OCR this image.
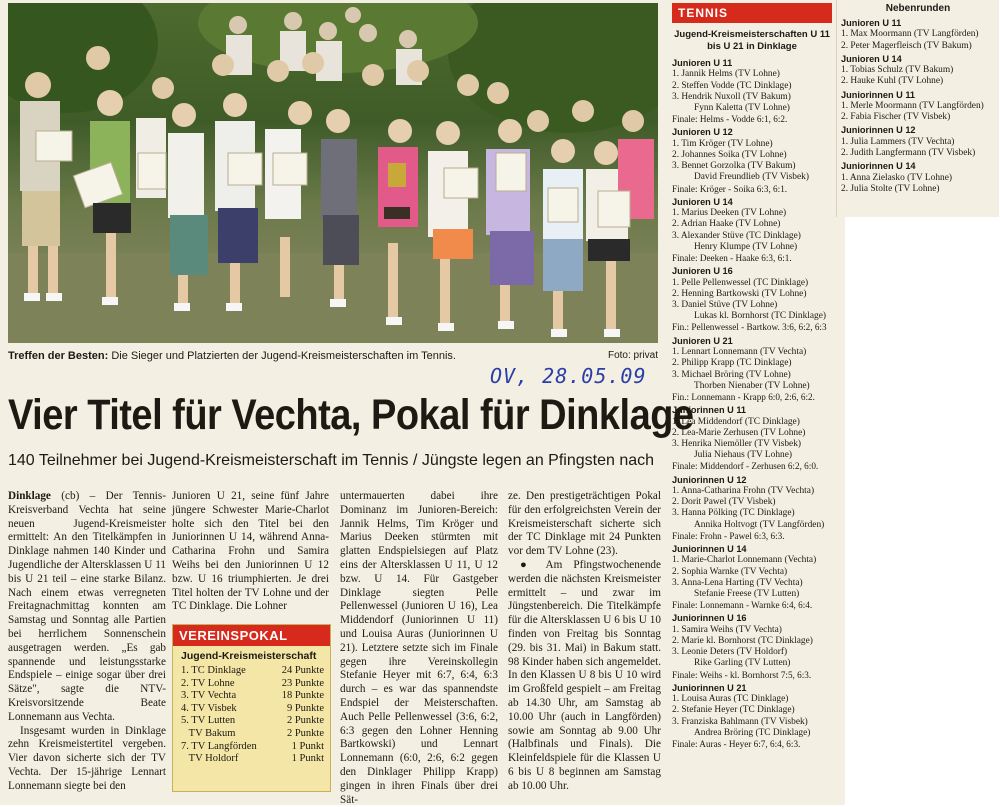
Treffen der Besten: Die Sieger und Platzierten der Jugend-Kreismeisterschaften im Tennis.	Foto: privat
OV, 28.05.09
Vier Titel für Vechta, Pokal für Dinklage
140 Teilnehmer bei Jugend-Kreismeisterschaft im Tennis / Jüngste legen an Pfingsten nach

Dinklage (cb) – Der Tennis-Kreisverband Vechta hat seine neuen Jugend-Kreismeister ermittelt: An den Titelkämpfen in Dinklage nahmen 140 Kinder und Jugendliche der Altersklassen U 11 bis U 21 teil – eine starke Bilanz. Nach einem etwas verregneten Freitagnachmittag konnten am Samstag und Sonntag alle Partien bei herrlichem Sonnenschein ausgetragen werden. „Es gab spannende und leistungsstarke Endspiele – einige sogar über drei Sätze", sagte die NTV-Kreisvorsitzende Beate Lonnemann aus Vechta.

Insgesamt wurden in Dinklage zehn Kreismeistertitel vergeben. Vier davon sicherte sich der TV Vechta. Der 15-jährige Lennart Lonnemann siegte bei den

Junioren U 21, seine fünf Jahre jüngere Schwester Marie-Charlot holte sich den Titel bei den Juniorinnen U 14, während Anna-Catharina Frohn und Samira Weihs bei den Juniorinnen U 12 bzw. U 16 triumphierten. Je drei Titel holten der TV Lohne und der TC Dinklage. Die Lohner

VEREINSPOKAL
Jugend-Kreismeisterschaft
1. TC Dinklage	24 Punkte
2. TV Lohne	23 Punkte
3. TV Vechta	18 Punkte
4. TV Visbek	9 Punkte
5. TV Lutten	2 Punkte
TV Bakum	2 Punkte
7. TV Langförden	1 Punkt
TV Holdorf	1 Punkt

untermauerten dabei ihre Dominanz im Junioren-Bereich: Jannik Helms, Tim Kröger und Marius Deeken stürmten mit glatten Endspielsiegen auf Platz eins der Altersklassen U 11, U 12 bzw. U 14. Für Gastgeber Dinklage siegten Pelle Pellenwessel (Junioren U 16), Lea Middendorf (Juniorinnen U 11) und Louisa Auras (Juniorinnen U 21). Letztere setzte sich im Finale gegen ihre Vereinskollegin Stefanie Heyer mit 6:7, 6:4, 6:3 durch – es war das spannendste Endspiel der Meisterschaften. Auch Pelle Pellenwessel (3:6, 6:2, 6:3 gegen den Lohner Henning Bartkowski) und Lennart Lonnemann (6:0, 2:6, 6:2 gegen den Dinklager Philipp Krapp) gingen in ihren Finals über drei Sät-

ze. Den prestigeträchtigen Pokal für den erfolgreichsten Verein der Kreismeisterschaft sicherte sich der TC Dinklage mit 24 Punkten vor dem TV Lohne (23).

● Am Pfingstwochenende werden die nächsten Kreismeister ermittelt – und zwar im Jüngstenbereich. Die Titelkämpfe für die Altersklassen U 6 bis U 10 finden von Freitag bis Sonntag (29. bis 31. Mai) in Bakum statt. 98 Kinder haben sich angemeldet. In den Klassen U 8 bis U 10 wird im Großfeld gespielt – am Freitag ab 14.30 Uhr, am Samstag ab 10.00 Uhr (auch in Langförden) sowie am Sonntag ab 9.00 Uhr (Halbfinals und Finals). Die Kleinfeldspiele für die Klassen U 6 bis U 8 beginnen am Samstag ab 10.00 Uhr.

TENNIS
Jugend-Kreismeisterschaften U 11 bis U 21 in Dinklage
Junioren U 11
1. Jannik Helms (TV Lohne)
2. Steffen Vodde (TC Dinklage)
3. Hendrik Nuxoll (TV Bakum)
Fynn Kaletta (TV Lohne)
Finale: Helms - Vodde 6:1, 6:2.
Junioren U 12
1. Tim Kröger (TV Lohne)
2. Johannes Soika (TV Lohne)
3. Bennet Gorzolka (TV Bakum)
David Freundlieb (TV Visbek)
Finale: Kröger - Soika 6:3, 6:1.
Junioren U 14
1. Marius Deeken (TV Lohne)
2. Adrian Haake (TV Lohne)
3. Alexander Stüve (TC Dinklage)
Henry Klumpe (TV Lohne)
Finale: Deeken - Haake 6:3, 6:1.
Junioren U 16
1. Pelle Pellenwessel (TC Dinklage)
2. Henning Bartkowski (TV Lohne)
3. Daniel Stüve (TV Lohne)
Lukas kl. Bornhorst (TC Dinklage)
Fin.: Pellenwessel - Bartkow. 3:6, 6:2, 6:3
Junioren U 21
1. Lennart Lonnemann (TV Vechta)
2. Philipp Krapp (TC Dinklage)
3. Michael Bröring (TV Lohne)
Thorben Nienaber (TV Lohne)
Fin.: Lonnemann - Krapp 6:0, 2:6, 6:2.
Juniorinnen U 11
1. Lea Middendorf (TC Dinklage)
2. Lea-Marie Zerhusen (TV Lohne)
3. Henrika Niemöller (TV Visbek)
Julia Niehaus (TV Lohne)
Finale: Middendorf - Zerhusen 6:2, 6:0.
Juniorinnen U 12
1. Anna-Catharina Frohn (TV Vechta)
2. Dorit Pawel (TV Visbek)
3. Hanna Pölking (TC Dinklage)
Annika Holtvogt (TV Langförden)
Finale: Frohn - Pawel 6:3, 6:3.
Juniorinnen U 14
1. Marie-Charlot Lonnemann (Vechta)
2. Sophia Warnke (TV Vechta)
3. Anna-Lena Harting (TV Vechta)
Stefanie Freese (TV Lutten)
Finale: Lonnemann - Warnke 6:4, 6:4.
Juniorinnen U 16
1. Samira Weihs (TV Vechta)
2. Marie kl. Bornhorst (TC Dinklage)
3. Leonie Deters (TV Holdorf)
Rike Garling (TV Lutten)
Finale: Weihs - kl. Bornhorst 7:5, 6:3.
Juniorinnen U 21
1. Louisa Auras (TC Dinklage)
2. Stefanie Heyer (TC Dinklage)
3. Franziska Bahlmann (TV Visbek)
Andrea Bröring (TC Dinklage)
Finale: Auras - Heyer 6:7, 6:4, 6:3.
Nebenrunden
Junioren U 11
1. Max Moormann (TV Langförden)
2. Peter Magerfleisch (TV Bakum)
Junioren U 14
1. Tobias Schulz (TV Bakum)
2. Hauke Kuhl (TV Lohne)
Juniorinnen U 11
1. Merle Moormann (TV Langförden)
2. Fabia Fischer (TV Visbek)
Juniorinnen U 12
1. Julia Lammers (TV Vechta)
2. Judith Langfermann (TV Visbek)
Juniorinnen U 14
1. Anna Zielasko (TV Lohne)
2. Julia Stolte (TV Lohne)
